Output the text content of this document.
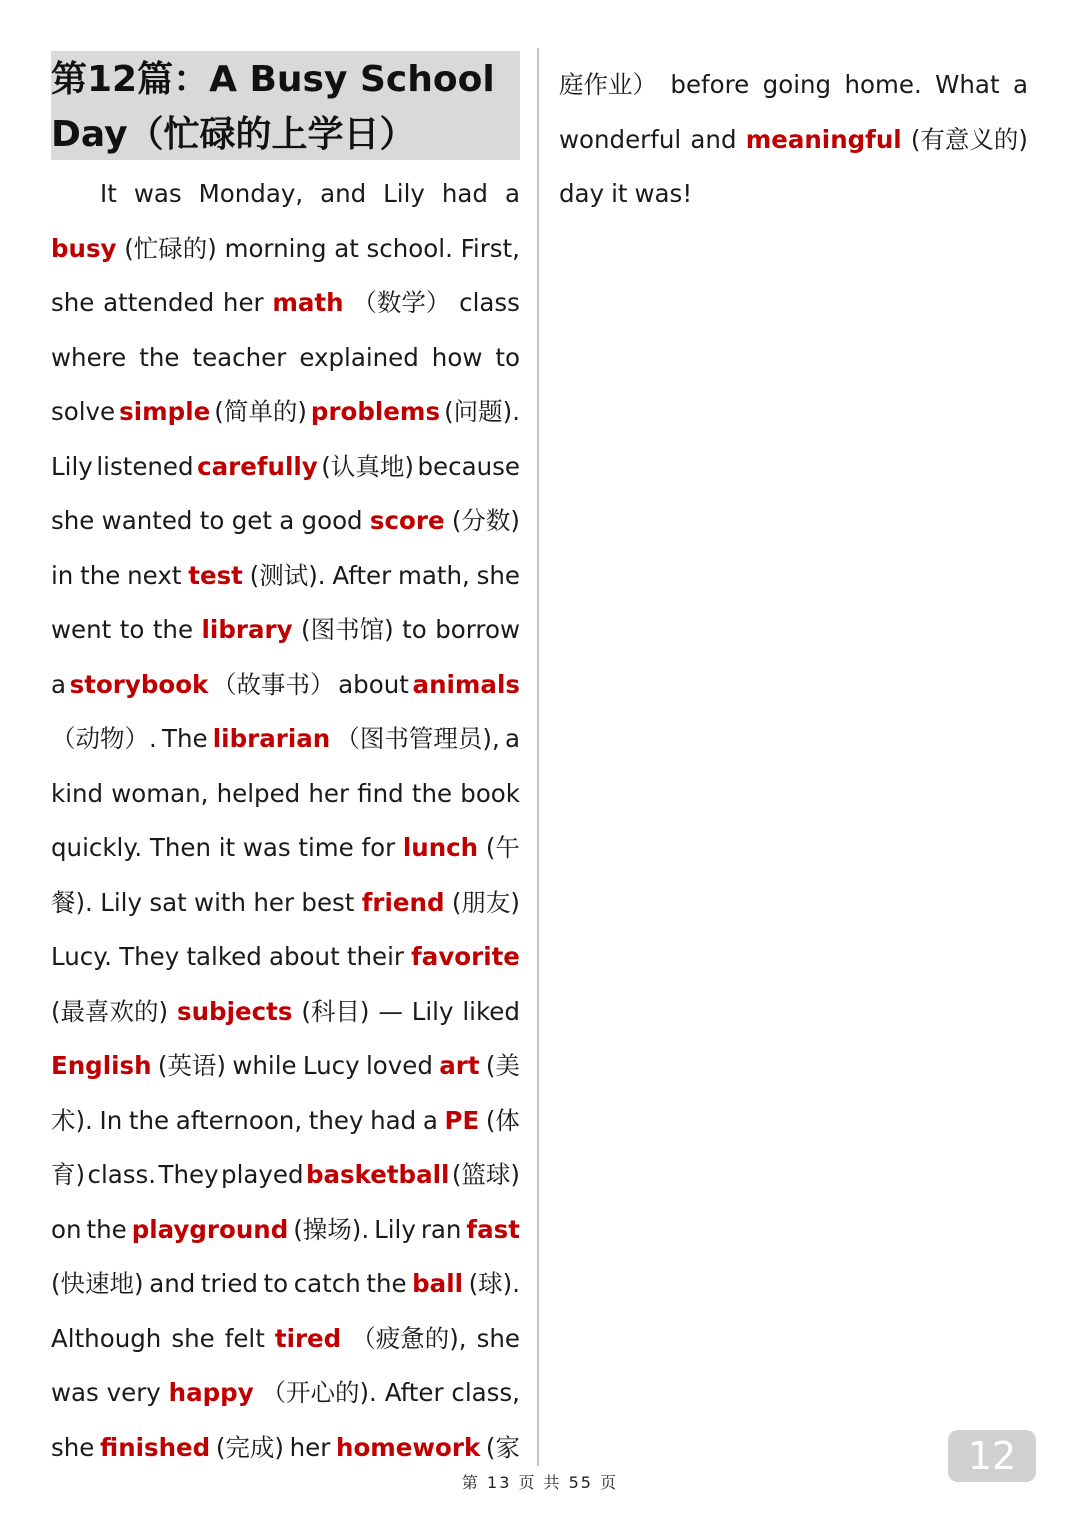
第12篇：A Busy School
Day（忙碌的上学日）
　　It was Monday, and Lily had a
busy (忙碌的) morning at school. First,
she attended her math （数学） class
where the teacher explained how to
solve simple (简单的) problems (问题).
Lily listened carefully (认真地) because
she wanted to get a good score (分数)
in the next test (测试). After math, she
went to the library (图书馆) to borrow
a storybook （故事书） about animals
（动物）. The librarian （图书管理员), a
kind woman, helped her find the book
quickly. Then it was time for lunch (午
餐). Lily sat with her best friend (朋友)
Lucy. They talked about their favorite
(最喜欢的) subjects (科目) — Lily liked
English (英语) while Lucy loved art (美
术). In the afternoon, they had a PE (体
育) class. They played basketball (篮球)
on the playground (操场). Lily ran fast
(快速地) and tried to catch the ball (球).
Although she felt tired （疲惫的), she
was very happy （开心的). After class,
she finished (完成) her homework (家
庭作业） before going home. What a
wonderful and meaningful (有意义的)
day it was!
第 13 页 共 55 页
12
